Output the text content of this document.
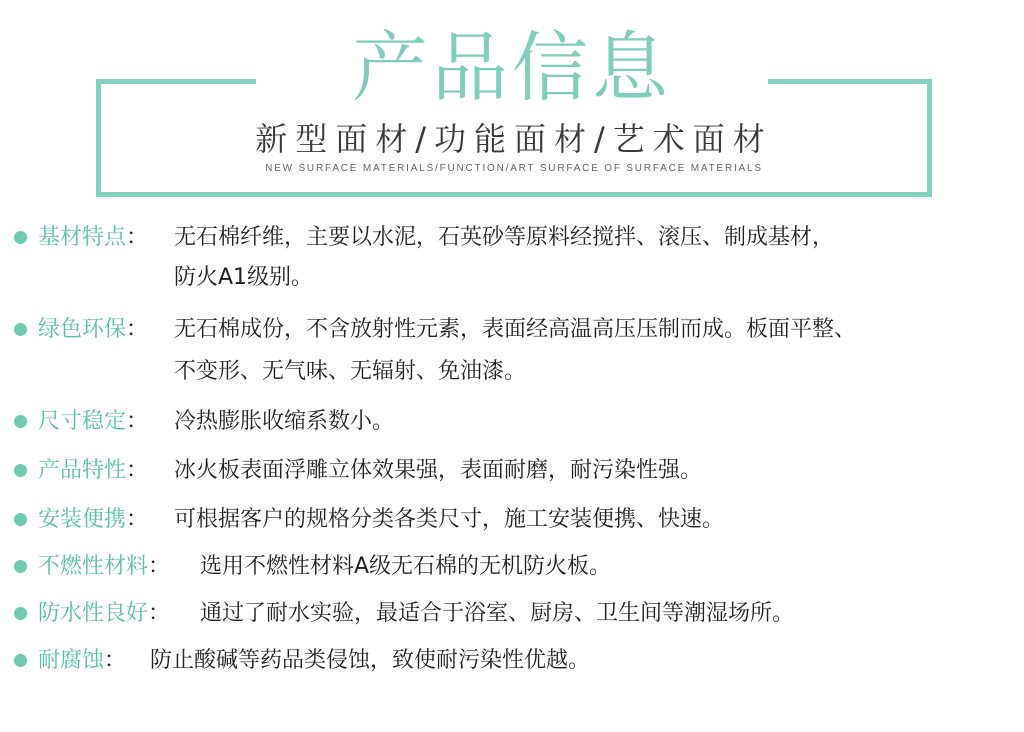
产品信息
新型面材/功能面材/艺术面材
NEW SURFACE MATERIALS/FUNCTION/ART SURFACE OF SURFACE MATERIALS
基材特点： 无石棉纤维，主要以水泥，石英砂等原料经搅拌、滚压、制成基材，
防火A1级别。
绿色环保： 无石棉成份，不含放射性元素，表面经高温高压压制而成。板面平整、
不变形、无气味、无辐射、免油漆。
尺寸稳定： 冷热膨胀收缩系数小。
产品特性： 冰火板表面浮雕立体效果强，表面耐磨，耐污染性强。
安装便携： 可根据客户的规格分类各类尺寸，施工安装便携、快速。
不燃性材料： 选用不燃性材料A级无石棉的无机防火板。
防水性良好： 通过了耐水实验，最适合于浴室、厨房、卫生间等潮湿场所。
耐腐蚀： 防止酸碱等药品类侵蚀，致使耐污染性优越。
